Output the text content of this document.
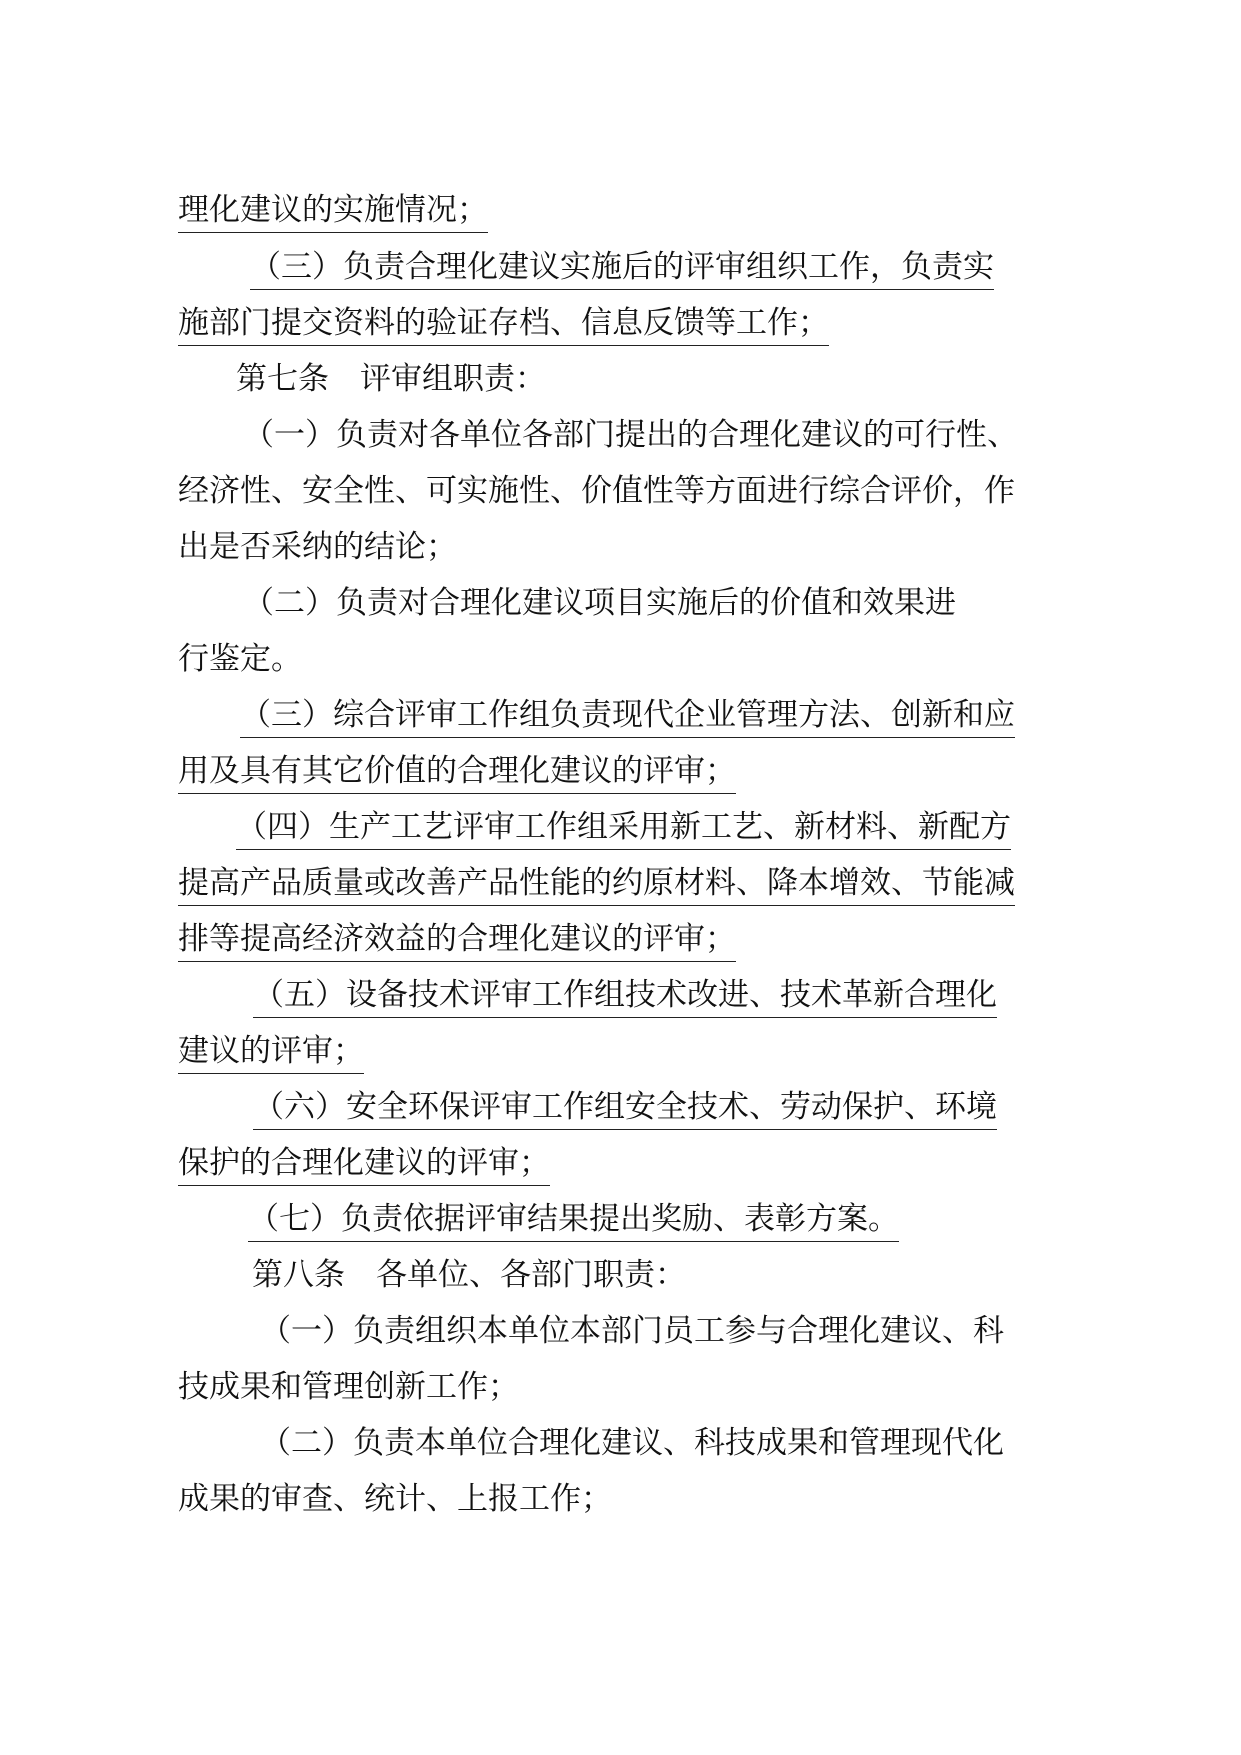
理化建议的实施情况；
（三）负责合理化建议实施后的评审组织工作，负责实
施部门提交资料的验证存档、信息反馈等工作；
第七条　评审组职责：
（一）负责对各单位各部门提出的合理化建议的可行性、
经济性、安全性、可实施性、价值性等方面进行综合评价，作
出是否采纳的结论；
（二）负责对合理化建议项目实施后的价值和效果进
行鉴定。
（三）综合评审工作组负责现代企业管理方法、创新和应
用及具有其它价值的合理化建议的评审；
（四）生产工艺评审工作组采用新工艺、新材料、新配方
提高产品质量或改善产品性能的约原材料、降本增效、节能减
排等提高经济效益的合理化建议的评审；
（五）设备技术评审工作组技术改进、技术革新合理化
建议的评审；
（六）安全环保评审工作组安全技术、劳动保护、环境
保护的合理化建议的评审；
（七）负责依据评审结果提出奖励、表彰方案。
第八条　各单位、各部门职责：
（一）负责组织本单位本部门员工参与合理化建议、科
技成果和管理创新工作；
（二）负责本单位合理化建议、科技成果和管理现代化
成果的审查、统计、上报工作；
